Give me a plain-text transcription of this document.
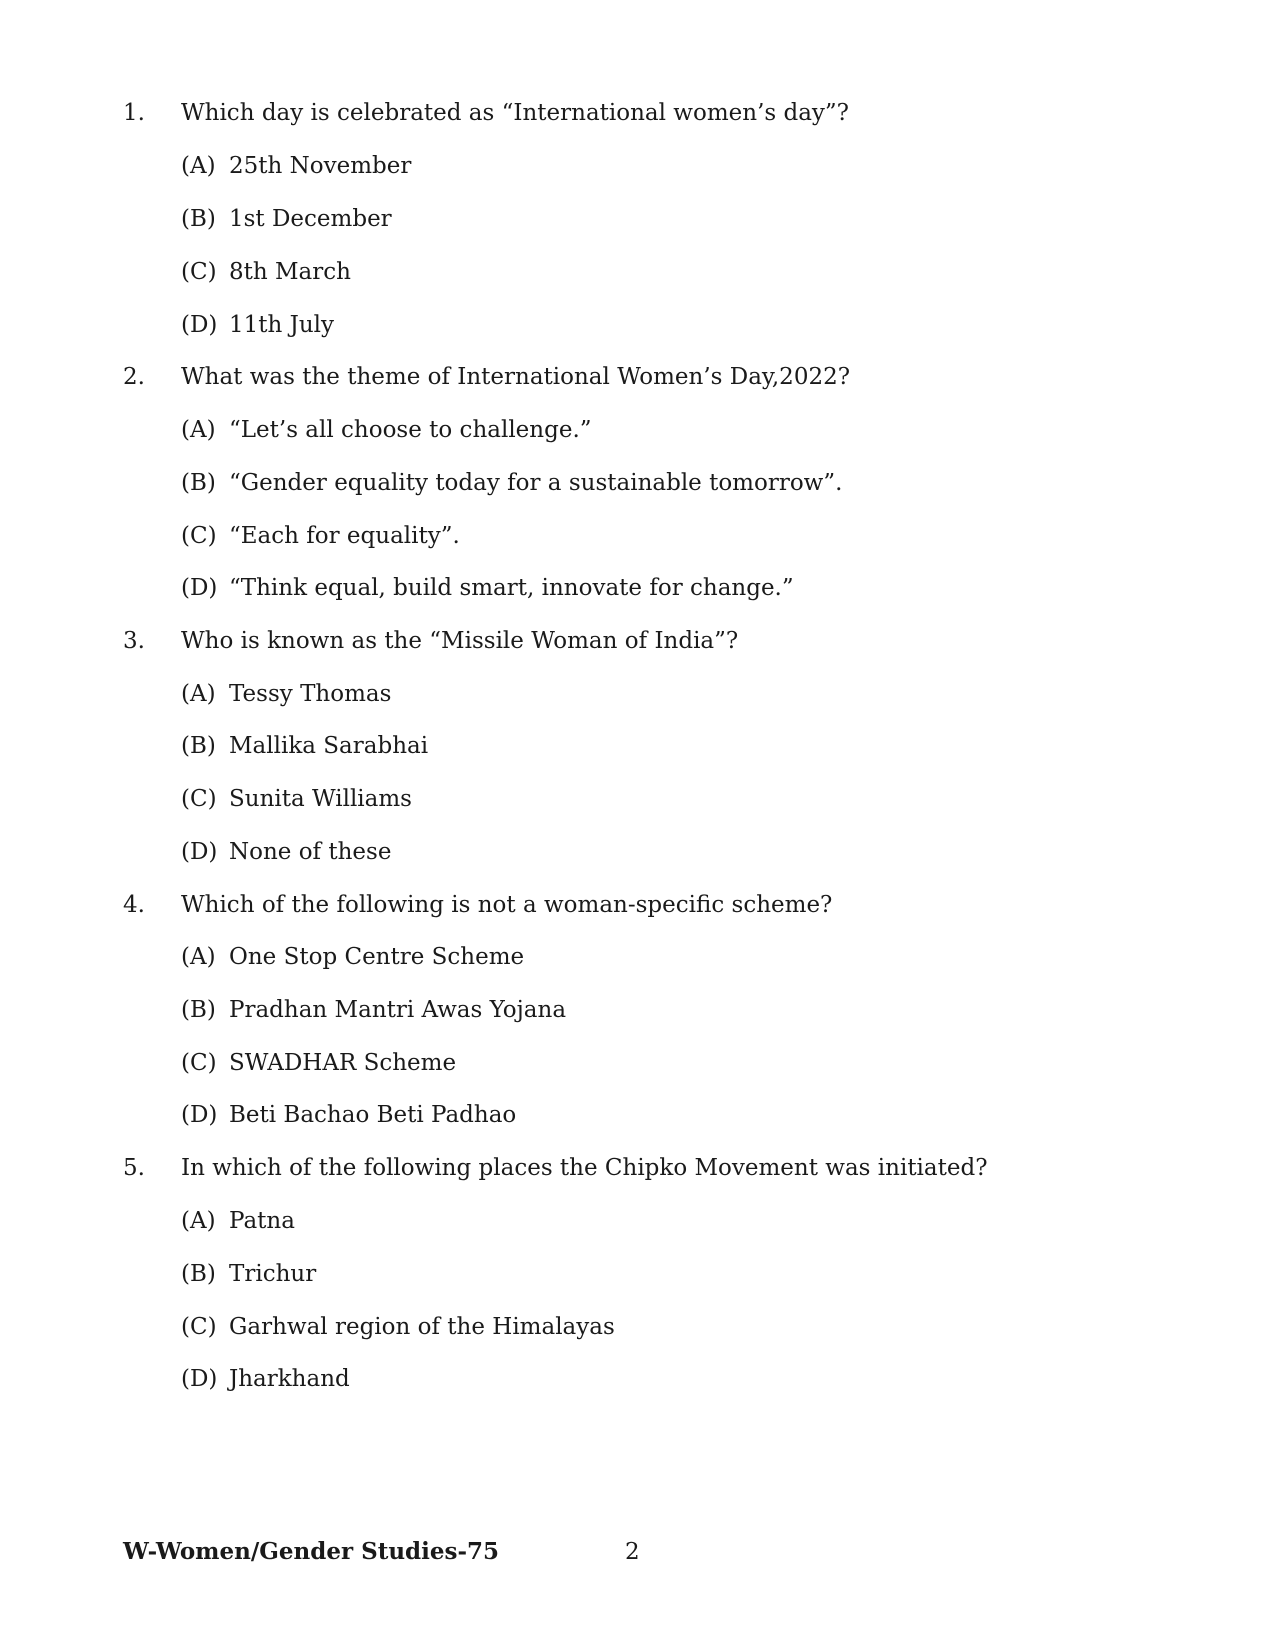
1. Which day is celebrated as “International women’s day”?
(A) 25th November
(B) 1st December
(C) 8th March
(D) 11th July
2. What was the theme of International Women’s Day,2022?
(A) “Let’s all choose to challenge.”
(B) “Gender equality today for a sustainable tomorrow”.
(C) “Each for equality”.
(D) “Think equal, build smart, innovate for change.”
3. Who is known as the “Missile Woman of India”?
(A) Tessy Thomas
(B) Mallika Sarabhai
(C) Sunita Williams
(D) None of these
4. Which of the following is not a woman-specific scheme?
(A) One Stop Centre Scheme
(B) Pradhan Mantri Awas Yojana
(C) SWADHAR Scheme
(D) Beti Bachao Beti Padhao
5. In which of the following places the Chipko Movement was initiated?
(A) Patna
(B) Trichur
(C) Garhwal region of the Himalayas
(D) Jharkhand
W-Women/Gender Studies-75	2
